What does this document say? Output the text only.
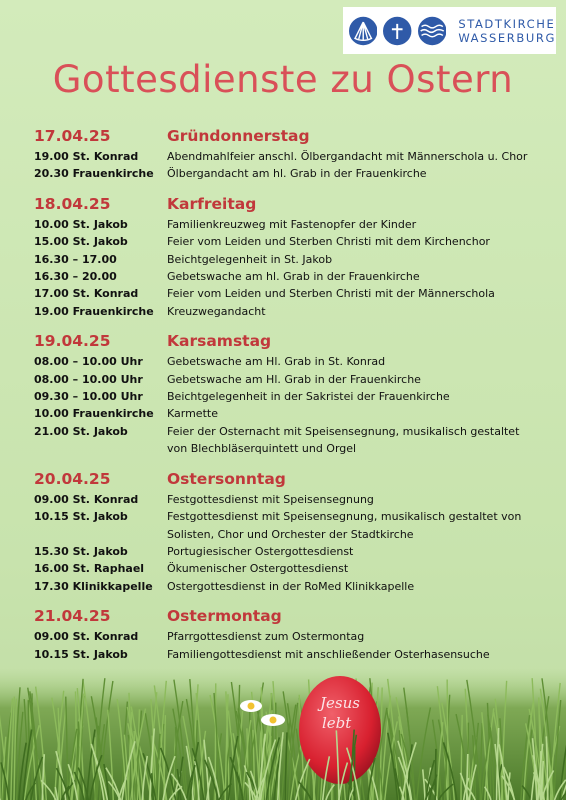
STADTKIRCHE
WASSERBURG
Gottesdienste zu Ostern
17.04.25	Gründonnerstag
19.00 St. Konrad	Abendmahlfeier anschl. Ölbergandacht mit Männerschola u. Chor
20.30 Frauenkirche	Ölbergandacht am hl. Grab in der Frauenkirche
18.04.25	Karfreitag
10.00 St. Jakob	Familienkreuzweg mit Fastenopfer der Kinder
15.00 St. Jakob	Feier vom Leiden und Sterben Christi mit dem Kirchenchor
16.30 – 17.00	Beichtgelegenheit in St. Jakob
16.30 – 20.00	Gebetswache am hl. Grab in der Frauenkirche
17.00 St. Konrad	Feier vom Leiden und Sterben Christi mit der Männerschola
19.00 Frauenkirche	Kreuzwegandacht
19.04.25	Karsamstag
08.00 – 10.00 Uhr	Gebetswache am Hl. Grab in St. Konrad
08.00 – 10.00 Uhr	Gebetswache am Hl. Grab in der Frauenkirche
09.30 – 10.00 Uhr	Beichtgelegenheit in der Sakristei der Frauenkirche
10.00 Frauenkirche	Karmette
21.00 St. Jakob	Feier der Osternacht mit Speisensegnung, musikalisch gestaltet von Blechbläserquintett und Orgel
20.04.25	Ostersonntag
09.00 St. Konrad	Festgottesdienst mit Speisensegnung
10.15 St. Jakob	Festgottesdienst mit Speisensegnung, musikalisch gestaltet von Solisten, Chor und Orchester der Stadtkirche
15.30 St. Jakob	Portugiesischer Ostergottesdienst
16.00 St. Raphael	Ökumenischer Ostergottesdienst
17.30 Klinikkapelle	Ostergottesdienst in der RoMed Klinikkapelle
21.04.25	Ostermontag
09.00 St. Konrad	Pfarrgottesdienst zum Ostermontag
10.15 St. Jakob	Familiengottesdienst mit anschließender Osterhasensuche
Jesus
lebt
